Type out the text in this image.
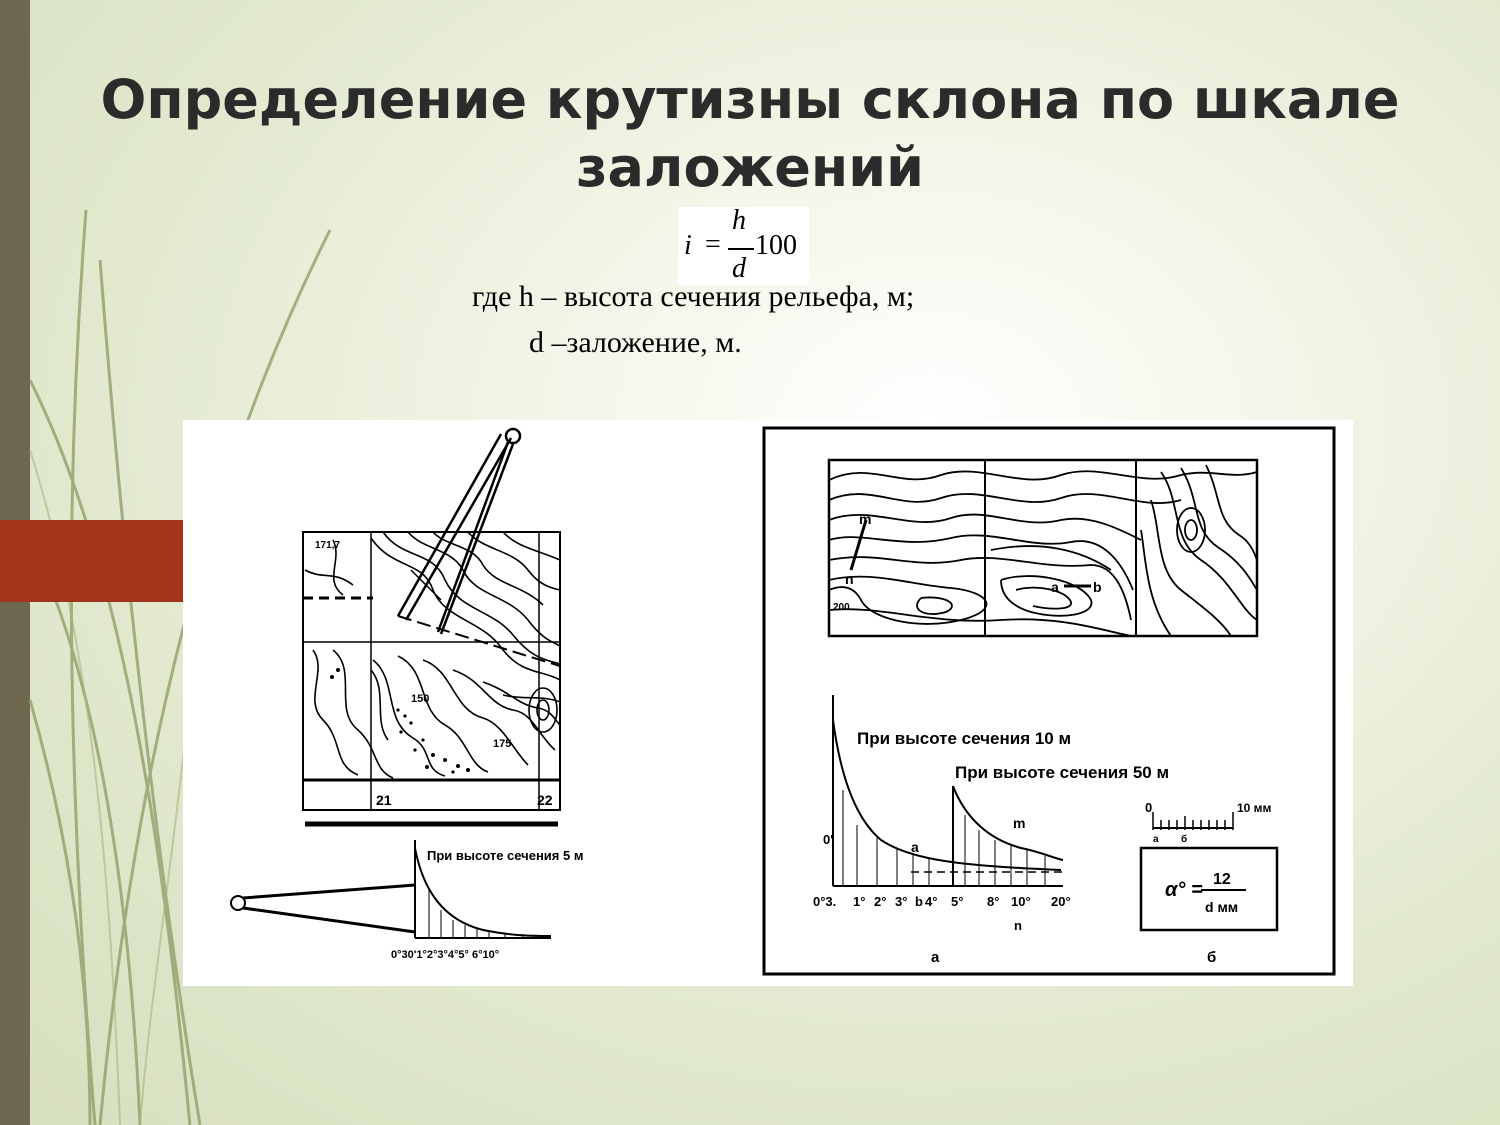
Определение крутизны склона по шкале заложений
i =
h
d
100
где h – высота сечения рельефа, м;
d –заложение, м.
171,7
150
175
21	22
При высоте сечения 5 м
0°30'1°2°3°4°5° 6°10°
m
n
200
a b
При высоте сечения 10 м
При высоте сечения 50 м
0'	a
m
0°3. 1° 2° 3° b 4° 5° 8° 10° 20°
n
а	б
0	10 мм
a б
α° = 12
d мм
